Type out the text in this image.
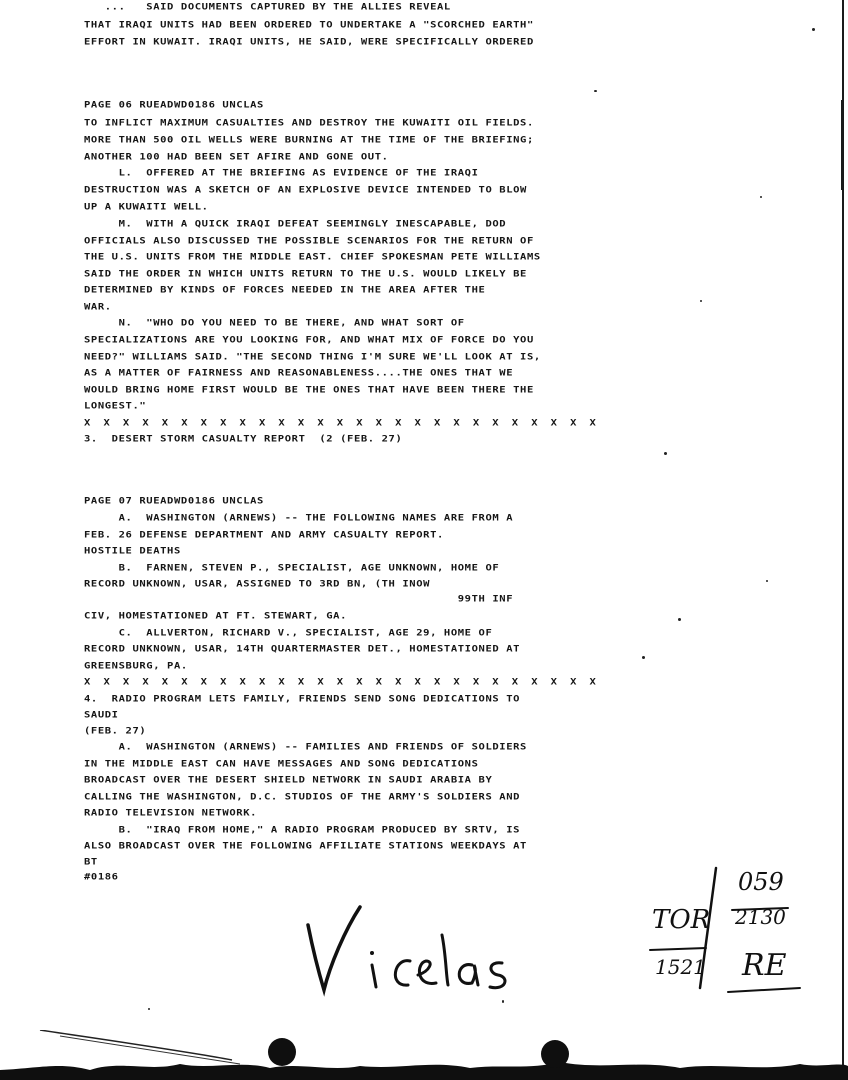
...   SAID DOCUMENTS CAPTURED BY THE ALLIES REVEAL
THAT IRAQI UNITS HAD BEEN ORDERED TO UNDERTAKE A "SCORCHED EARTH"
EFFORT IN KUWAIT. IRAQI UNITS, HE SAID, WERE SPECIFICALLY ORDERED
PAGE 06 RUEADWD0186 UNCLAS
TO INFLICT MAXIMUM CASUALTIES AND DESTROY THE KUWAITI OIL FIELDS.
MORE THAN 500 OIL WELLS WERE BURNING AT THE TIME OF THE BRIEFING;
ANOTHER 100 HAD BEEN SET AFIRE AND GONE OUT.
L.  OFFERED AT THE BRIEFING AS EVIDENCE OF THE IRAQI
DESTRUCTION WAS A SKETCH OF AN EXPLOSIVE DEVICE INTENDED TO BLOW
UP A KUWAITI WELL.
M.  WITH A QUICK IRAQI DEFEAT SEEMINGLY INESCAPABLE, DOD
OFFICIALS ALSO DISCUSSED THE POSSIBLE SCENARIOS FOR THE RETURN OF
THE U.S. UNITS FROM THE MIDDLE EAST. CHIEF SPOKESMAN PETE WILLIAMS
SAID THE ORDER IN WHICH UNITS RETURN TO THE U.S. WOULD LIKELY BE
DETERMINED BY KINDS OF FORCES NEEDED IN THE AREA AFTER THE
WAR.
N.  "WHO DO YOU NEED TO BE THERE, AND WHAT SORT OF
SPECIALIZATIONS ARE YOU LOOKING FOR, AND WHAT MIX OF FORCE DO YOU
NEED?" WILLIAMS SAID. "THE SECOND THING I'M SURE WE'LL LOOK AT IS,
AS A MATTER OF FAIRNESS AND REASONABLENESS....THE ONES THAT WE
WOULD BRING HOME FIRST WOULD BE THE ONES THAT HAVE BEEN THERE THE
LONGEST."
X X X X X X X X X X X X X X X X X X X X X X X X X X X
3.  DESERT STORM CASUALTY REPORT  (2 (FEB. 27)
PAGE 07 RUEADWD0186 UNCLAS
A.  WASHINGTON (ARNEWS) -- THE FOLLOWING NAMES ARE FROM A
FEB. 26 DEFENSE DEPARTMENT AND ARMY CASUALTY REPORT.
HOSTILE DEATHS
B.  FARNEN, STEVEN P., SPECIALIST, AGE UNKNOWN, HOME OF
RECORD UNKNOWN, USAR, ASSIGNED TO 3RD BN, (TH INOW
99TH INF
CIV, HOMESTATIONED AT FT. STEWART, GA.
C.  ALLVERTON, RICHARD V., SPECIALIST, AGE 29, HOME OF
RECORD UNKNOWN, USAR, 14TH QUARTERMASTER DET., HOMESTATIONED AT
GREENSBURG, PA.
X X X X X X X X X X X X X X X X X X X X X X X X X X X
4.  RADIO PROGRAM LETS FAMILY, FRIENDS SEND SONG DEDICATIONS TO
SAUDI
(FEB. 27)
A.  WASHINGTON (ARNEWS) -- FAMILIES AND FRIENDS OF SOLDIERS
IN THE MIDDLE EAST CAN HAVE MESSAGES AND SONG DEDICATIONS
BROADCAST OVER THE DESERT SHIELD NETWORK IN SAUDI ARABIA BY
CALLING THE WASHINGTON, D.C. STUDIOS OF THE ARMY'S SOLDIERS AND
RADIO TELEVISION NETWORK.
B.  "IRAQ FROM HOME," A RADIO PROGRAM PRODUCED BY SRTV, IS
ALSO BROADCAST OVER THE FOLLOWING AFFILIATE STATIONS WEEKDAYS AT
BT
#0186
TOR
059
2130
1521 RE
